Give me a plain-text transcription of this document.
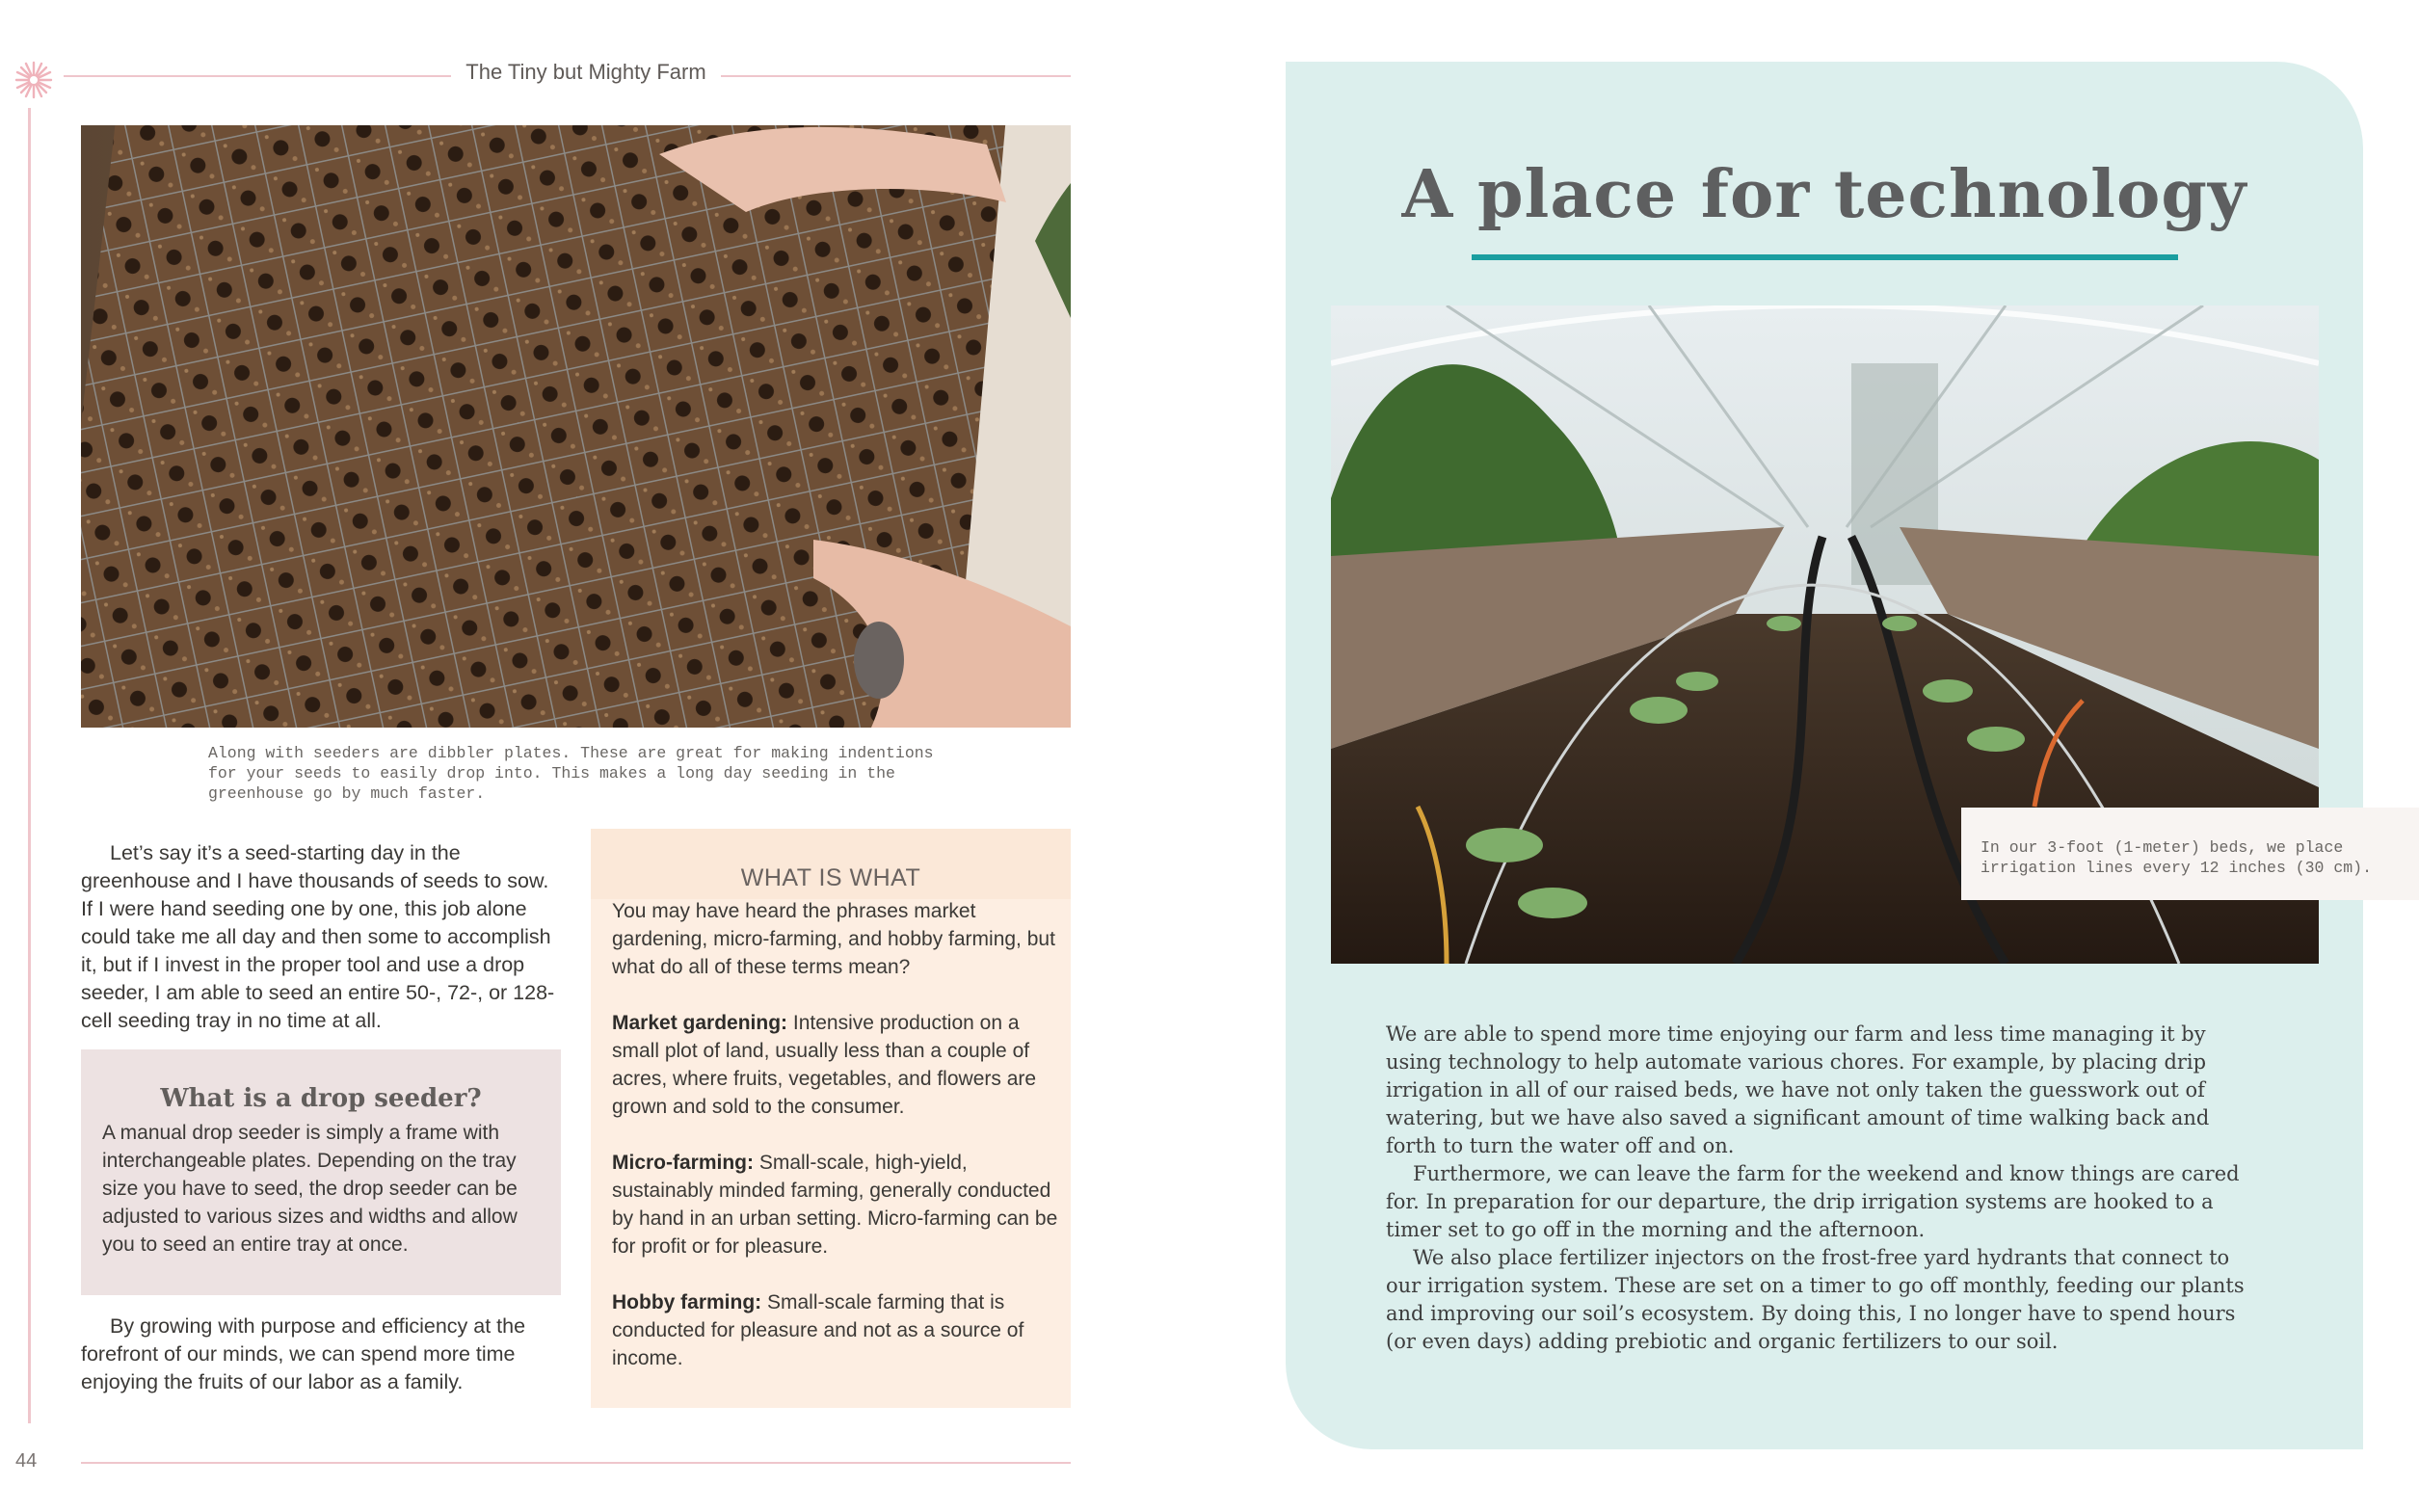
The Tiny but Mighty Farm
Along with seeders are dibbler plates. These are great for making indentions
for your seeds to easily drop into. This makes a long day seeding in the
greenhouse go by much faster.

Let’s say it’s a seed-starting day in the greenhouse and I have thousands of seeds to sow. If I were hand seeding one by one, this job alone could take me all day and then some to accomplish it, but if I invest in the proper tool and use a drop seeder, I am able to seed an entire 50-, 72-, or 128-cell seeding tray in no time at all.

What is a drop seeder?
A manual drop seeder is simply a frame with interchangeable plates. Depending on the tray size you have to seed, the drop seeder can be adjusted to various sizes and widths and allow you to seed an entire tray at once.

By growing with purpose and efficiency at the forefront of our minds, we can spend more time enjoying the fruits of our labor as a family.

WHAT IS WHAT

You may have heard the phrases market gardening, micro-farming, and hobby farming, but what do all of these terms mean?

Market gardening: Intensive production on a small plot of land, usually less than a couple of acres, where fruits, vegetables, and flowers are grown and sold to the consumer.

Micro-farming: Small-scale, high-yield, sustainably minded farming, generally conducted by hand in an urban setting. Micro-farming can be for profit or for pleasure.

Hobby farming: Small-scale farming that is conducted for pleasure and not as a source of income.

44
A place for technology
In our 3-foot (1-meter) beds, we place
irrigation lines every 12 inches (30 cm).

We are able to spend more time enjoying our farm and less time managing it by using technology to help automate various chores. For example, by placing drip irrigation in all of our raised beds, we have not only taken the guesswork out of watering, but we have also saved a significant amount of time walking back and forth to turn the water off and on.

Furthermore, we can leave the farm for the weekend and know things are cared for. In preparation for our departure, the drip irrigation systems are hooked to a timer set to go off in the morning and the afternoon.

We also place fertilizer injectors on the frost-free yard hydrants that connect to our irrigation system. These are set on a timer to go off monthly, feeding our plants and improving our soil’s ecosystem. By doing this, I no longer have to spend hours (or even days) adding prebiotic and organic fertilizers to our soil.
